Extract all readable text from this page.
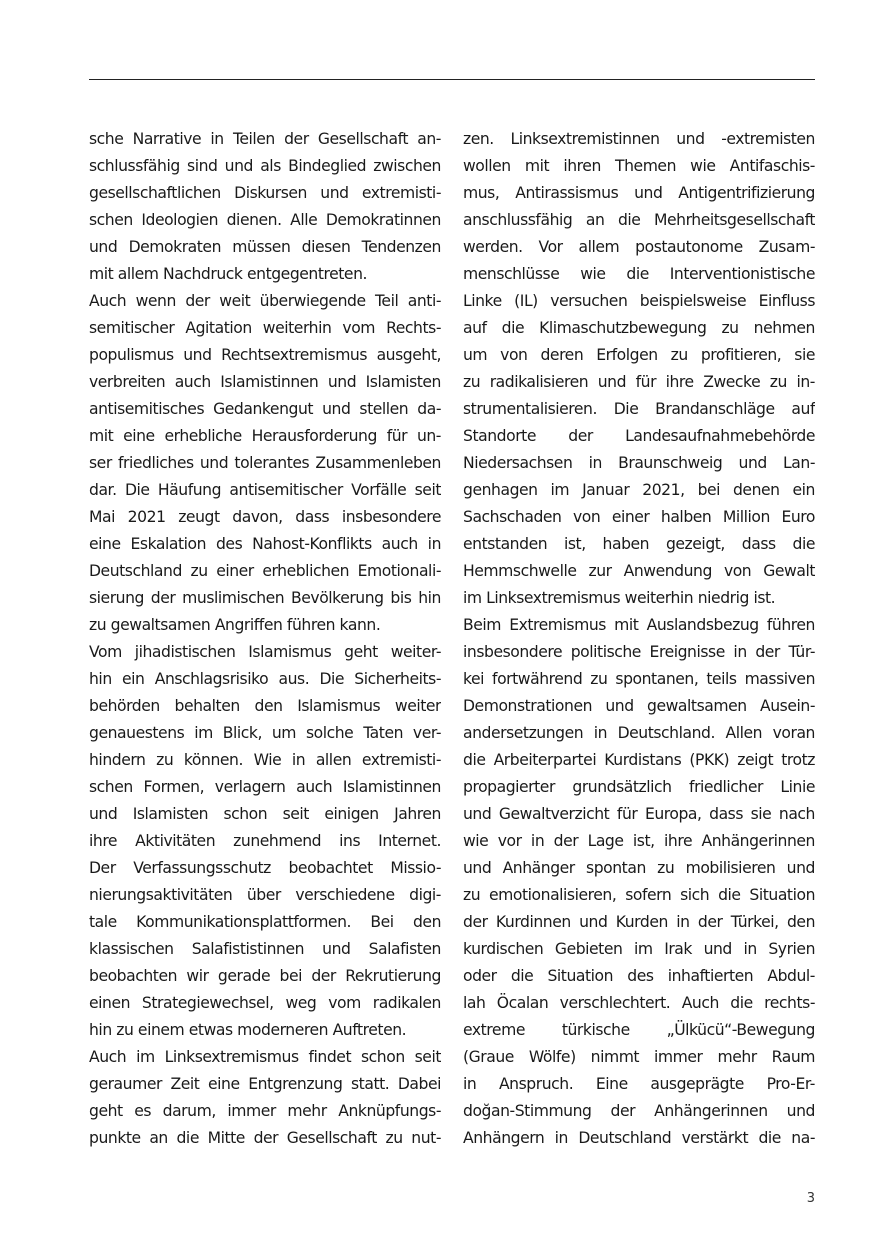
sche Narrative in Teilen der Gesellschaft an-
schlussfähig sind und als Bindeglied zwischen
gesellschaftlichen Diskursen und extremisti-
schen Ideologien dienen. Alle Demokratinnen
und Demokraten müssen diesen Tendenzen
mit allem Nachdruck entgegentreten.
Auch wenn der weit überwiegende Teil anti-
semitischer Agitation weiterhin vom Rechts-
populismus und Rechtsextremismus ausgeht,
verbreiten auch Islamistinnen und Islamisten
antisemitisches Gedankengut und stellen da-
mit eine erhebliche Herausforderung für un-
ser friedliches und tolerantes Zusammenleben
dar. Die Häufung antisemitischer Vorfälle seit
Mai 2021 zeugt davon, dass insbesondere
eine Eskalation des Nahost-Konflikts auch in
Deutschland zu einer erheblichen Emotionali-
sierung der muslimischen Bevölkerung bis hin
zu gewaltsamen Angriffen führen kann.
Vom jihadistischen Islamismus geht weiter-
hin ein Anschlagsrisiko aus. Die Sicherheits-
behörden behalten den Islamismus weiter
genauestens im Blick, um solche Taten ver-
hindern zu können. Wie in allen extremisti-
schen Formen, verlagern auch Islamistinnen
und Islamisten schon seit einigen Jahren
ihre Aktivitäten zunehmend ins Internet.
Der Verfassungsschutz beobachtet Missio-
nierungsaktivitäten über verschiedene digi-
tale Kommunikationsplattformen. Bei den
klassischen Salafististinnen und Salafisten
beobachten wir gerade bei der Rekrutierung
einen Strategiewechsel, weg vom radikalen
hin zu einem etwas moderneren Auftreten.
Auch im Linksextremismus findet schon seit
geraumer Zeit eine Entgrenzung statt. Dabei
geht es darum, immer mehr Anknüpfungs-
punkte an die Mitte der Gesellschaft zu nut-
zen. Linksextremistinnen und -extremisten
wollen mit ihren Themen wie Antifaschis-
mus, Antirassismus und Antigentrifizierung
anschlussfähig an die Mehrheitsgesellschaft
werden. Vor allem postautonome Zusam-
menschlüsse wie die Interventionistische
Linke (IL) versuchen beispielsweise Einfluss
auf die Klimaschutzbewegung zu nehmen
um von deren Erfolgen zu profitieren, sie
zu radikalisieren und für ihre Zwecke zu in-
strumentalisieren. Die Brandanschläge auf
Standorte der Landesaufnahmebehörde
Niedersachsen in Braunschweig und Lan-
genhagen im Januar 2021, bei denen ein
Sachschaden von einer halben Million Euro
entstanden ist, haben gezeigt, dass die
Hemmschwelle zur Anwendung von Gewalt
im Linksextremismus weiterhin niedrig ist.
Beim Extremismus mit Auslandsbezug führen
insbesondere politische Ereignisse in der Tür-
kei fortwährend zu spontanen, teils massiven
Demonstrationen und gewaltsamen Ausein-
andersetzungen in Deutschland. Allen voran
die Arbeiterpartei Kurdistans (PKK) zeigt trotz
propagierter grundsätzlich friedlicher Linie
und Gewaltverzicht für Europa, dass sie nach
wie vor in der Lage ist, ihre Anhängerinnen
und Anhänger spontan zu mobilisieren und
zu emotionalisieren, sofern sich die Situation
der Kurdinnen und Kurden in der Türkei, den
kurdischen Gebieten im Irak und in Syrien
oder die Situation des inhaftierten Abdul-
lah Öcalan verschlechtert. Auch die rechts-
extreme türkische „Ülkücü“-Bewegung
(Graue Wölfe) nimmt immer mehr Raum
in Anspruch. Eine ausgeprägte Pro-Er-
doğan-Stimmung der Anhängerinnen und
Anhängern in Deutschland verstärkt die na-
3
